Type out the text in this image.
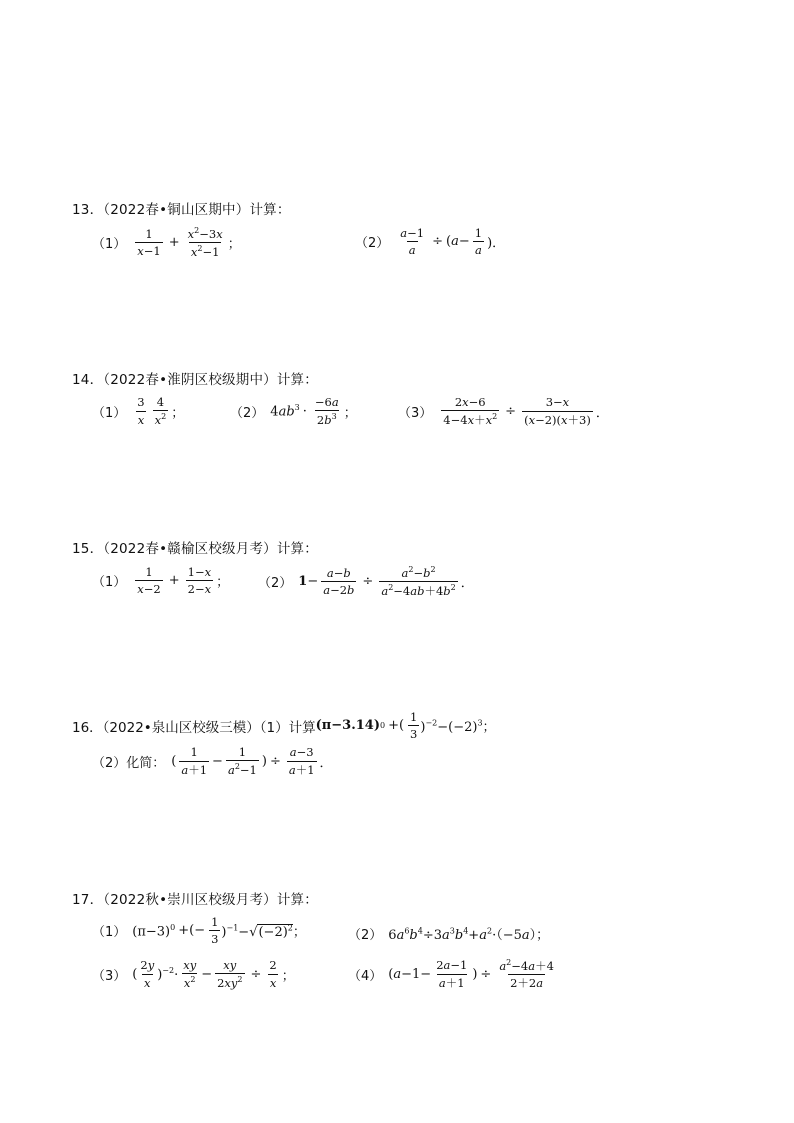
13．（2022春•铜山区期中）计算：
$(1) \frac{1}{x-1} + \frac{x^2-3x}{x^2-1}$ ；	$(2) \frac{a-1}{a} \div (a- \frac{1}{a}$ )．
14．（2022春•淮阴区校级期中）计算：
$(1) \frac{3}{x} \frac{4}{x^2}$ ；	（2） $4ab^3 \cdot \frac{-6a}{2b^3}$ ；	$(3) \frac{2x-6}{4-4x+x^2} \div \frac{3-x}{(x-2)(x+3)}$ ．
15．（2022春•赣榆区校级月考）计算：
$(1) \frac{1}{x-2} + \frac{1-x}{2-x}$ ； （2） $1 - \frac{a-b}{a-2b} \div \frac{a^2-b^2}{a^2-4ab+4b^2}$ ．
16．（2022•泉山区校级三模）（1）计算 (π−3.14) 0 +( $\frac{1}{3} )^{-2}-(-2)^3$；
（2）化简： ( $\frac{1}{a+1} - \frac{1}{a^2-1}$ ) ÷ $\frac{a-3}{a+1}$ ．
17．（2022秋•崇川区校级月考）计算：
（1） $(\pi-3)^0$ +(− $\frac{1}{3} )^{-1}-√(-2)^2$；	（2） $6a^6b^4\div 3a^3b^4+a^2\cdot(-5a)$；
（3） ( $\frac{2y}{x} )^{-2}\cdot \frac{xy}{x^2} - \frac{xy}{2xy^2} \div \frac{2}{x}$ ；	（4） ($a-1- \frac{2a-1}{a+1}$ ) ÷ $\frac{a^2-4a+4}{2+2a}$
